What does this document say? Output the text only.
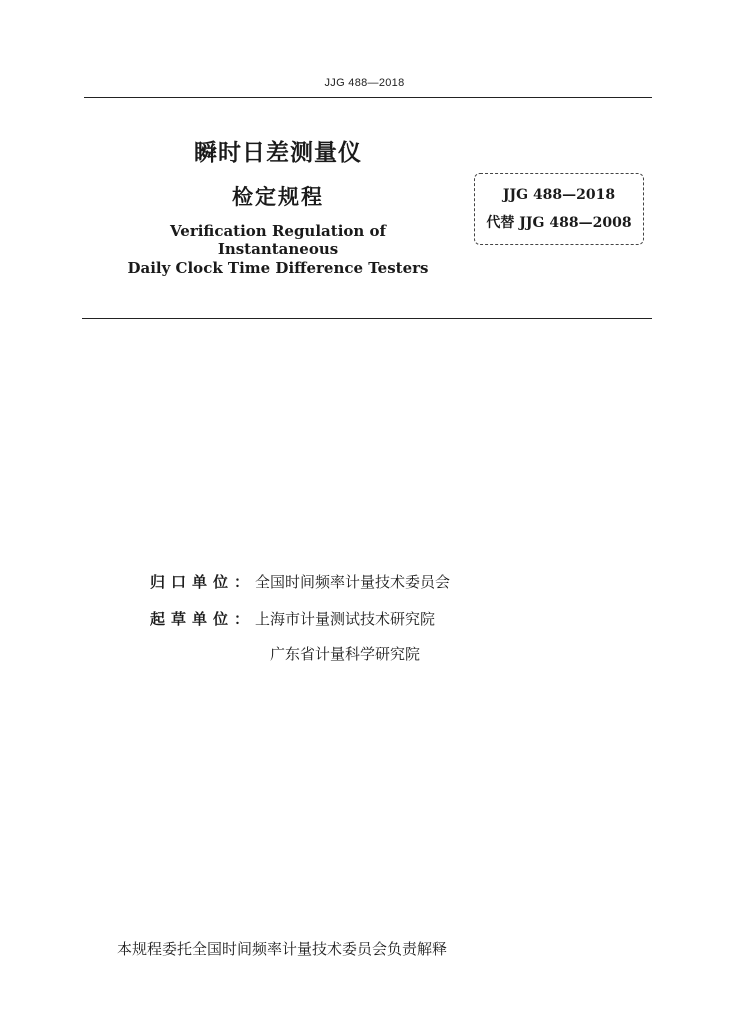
JJG 488—2018
瞬时日差测量仪
检定规程
Verification Regulation of Instantaneous
Daily Clock Time Difference Testers
JJG 488—2018
代替 JJG 488—2008
归口单位：全国时间频率计量技术委员会
起草单位：上海市计量测试技术研究院
广东省计量科学研究院
本规程委托全国时间频率计量技术委员会负责解释
